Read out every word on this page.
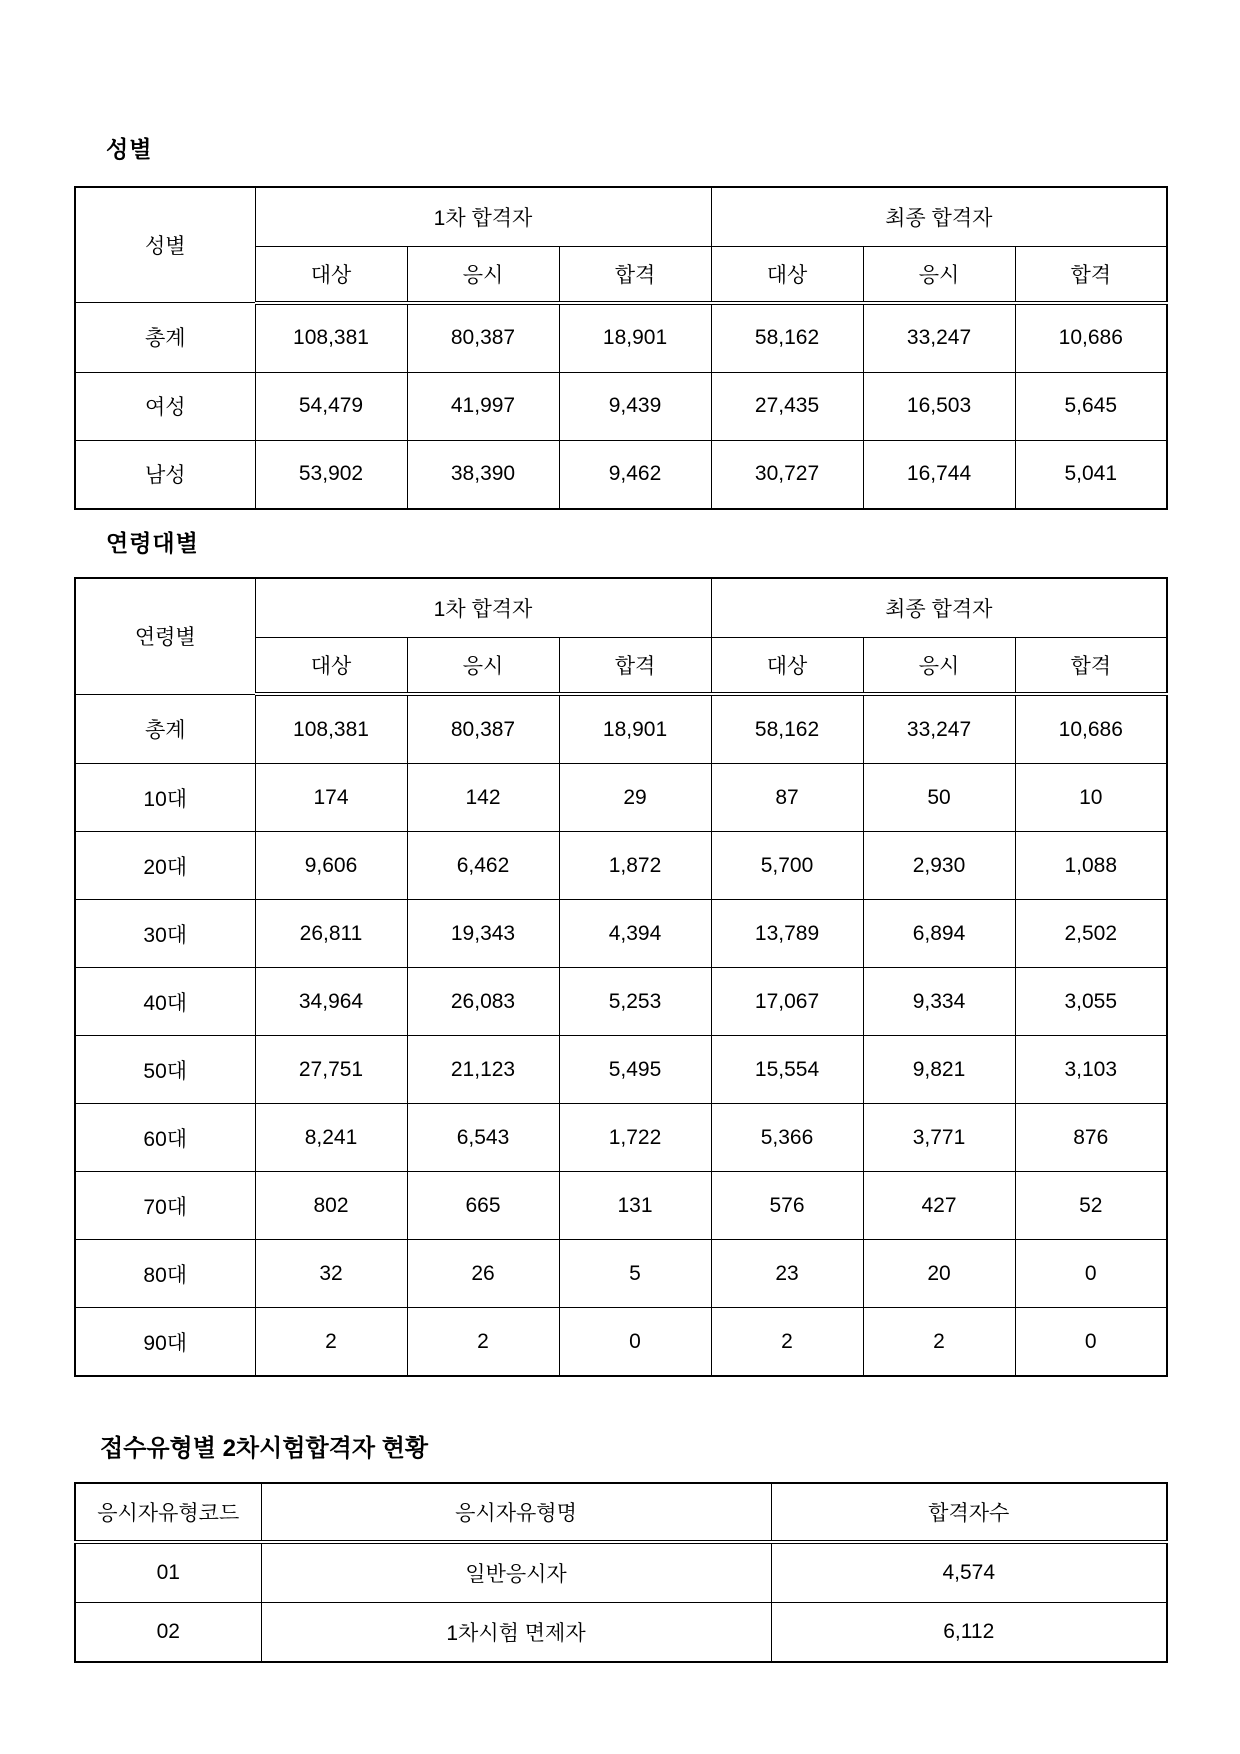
성별
성별	1차 합격자			최종 합격자		
	대상	응시	합격	대상	응시	합격
총계	108,381	80,387	18,901	58,162	33,247	10,686
여성	54,479	41,997	9,439	27,435	16,503	5,645
남성	53,902	38,390	9,462	30,727	16,744	5,041
연령대별
연령별	1차 합격자			최종 합격자		
	대상	응시	합격	대상	응시	합격
총계	108,381	80,387	18,901	58,162	33,247	10,686
10대	174	142	29	87	50	10
20대	9,606	6,462	1,872	5,700	2,930	1,088
30대	26,811	19,343	4,394	13,789	6,894	2,502
40대	34,964	26,083	5,253	17,067	9,334	3,055
50대	27,751	21,123	5,495	15,554	9,821	3,103
60대	8,241	6,543	1,722	5,366	3,771	876
70대	802	665	131	576	427	52
80대	32	26	5	23	20	0
90대	2	2	0	2	2	0
접수유형별 2차시험합격자 현황
응시자유형코드	응시자유형명	합격자수
01	일반응시자	4,574
02	1차시험 면제자	6,112
